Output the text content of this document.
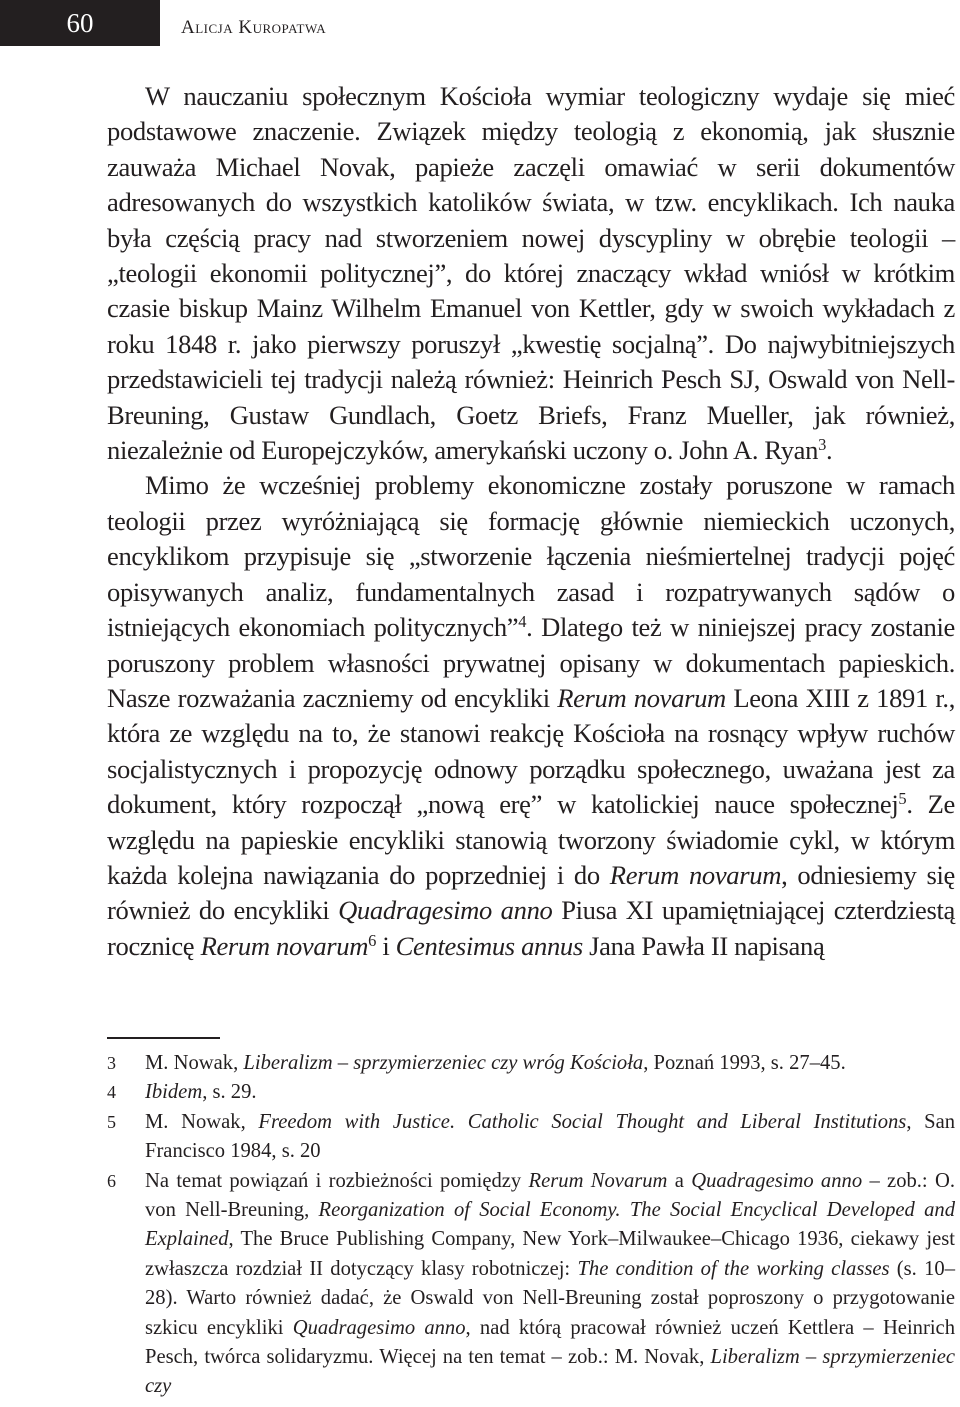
60	Alicja Kuropatwa

W nauczaniu społecznym Kościoła wymiar teologiczny wydaje się mieć podstawowe znaczenie. Związek między teologią z ekonomią, jak słusznie zauważa Michael Novak, papieże zaczęli omawiać w serii dokumentów adresowanych do wszystkich katolików świata, w tzw. encyklikach. Ich nauka była częścią pracy nad stworzeniem nowej dyscypliny w obrębie teologii – „teologii ekonomii politycznej”, do której znaczący wkład wniósł w krótkim czasie biskup Mainz Wilhelm Emanuel von Kettler, gdy w swoich wykładach z roku 1848 r. jako pierwszy poruszył „kwestię socjalną”. Do najwybitniejszych przedstawicieli tej tradycji należą również: Heinrich Pesch SJ, Oswald von Nell-Breuning, Gustaw Gundlach, Goetz Briefs, Franz Mueller, jak również, niezależnie od Europejczyków, amerykański uczony o. John A. Ryan$^3$.

Mimo że wcześniej problemy ekonomiczne zostały poruszone w ramach teologii przez wyróżniającą się formację głównie niemieckich uczonych, encyklikom przypisuje się „stworzenie łączenia nieśmiertelnej tradycji pojęć opisywanych analiz, fundamentalnych zasad i rozpatrywanych sądów o istniejących ekonomiach politycznych”$^4$. Dlatego też w niniejszej pracy zostanie poruszony problem własności prywatnej opisany w dokumentach papieskich. Nasze rozważania zaczniemy od encykliki Rerum novarum Leona XIII z 1891 r., która ze względu na to, że stanowi reakcję Kościoła na rosnący wpływ ruchów socjalistycznych i propozycję odnowy porządku społecznego, uważana jest za dokument, który rozpoczął „nową erę” w katolickiej nauce społecznej$^5$. Ze względu na papieskie encykliki stanowią tworzony świadomie cykl, w którym każda kolejna nawiązania do poprzedniej i do Rerum novarum, odniesiemy się również do encykliki Quadragesimo anno Piusa XI upamiętniającej czterdziestą rocznicę Rerum novarum$^6$ i Centesimus annus Jana Pawła II napisaną

3	M. Nowak, Liberalizm – sprzymierzeniec czy wróg Kościoła, Poznań 1993, s. 27–45.
4	Ibidem, s. 29.
5	M. Nowak, Freedom with Justice. Catholic Social Thought and Liberal Institutions, San Francisco 1984, s. 20
6	Na temat powiązań i rozbieżności pomiędzy Rerum Novarum a Quadragesimo anno – zob.: O. von Nell-Breuning, Reorganization of Social Economy. The Social Encyclical Developed and Explained, The Bruce Publishing Company, New York–Milwaukee–Chicago 1936, ciekawy jest zwłaszcza rozdział II dotyczący klasy robotniczej: The condition of the working classes (s. 10–28). Warto również dadać, że Oswald von Nell-Breuning został poproszony o przygotowanie szkicu encykliki Quadragesimo anno, nad którą pracował również uczeń Kettlera – Heinrich Pesch, twórca solidaryzmu. Więcej na ten temat – zob.: M. Novak, Liberalizm – sprzymierzeniec czy
